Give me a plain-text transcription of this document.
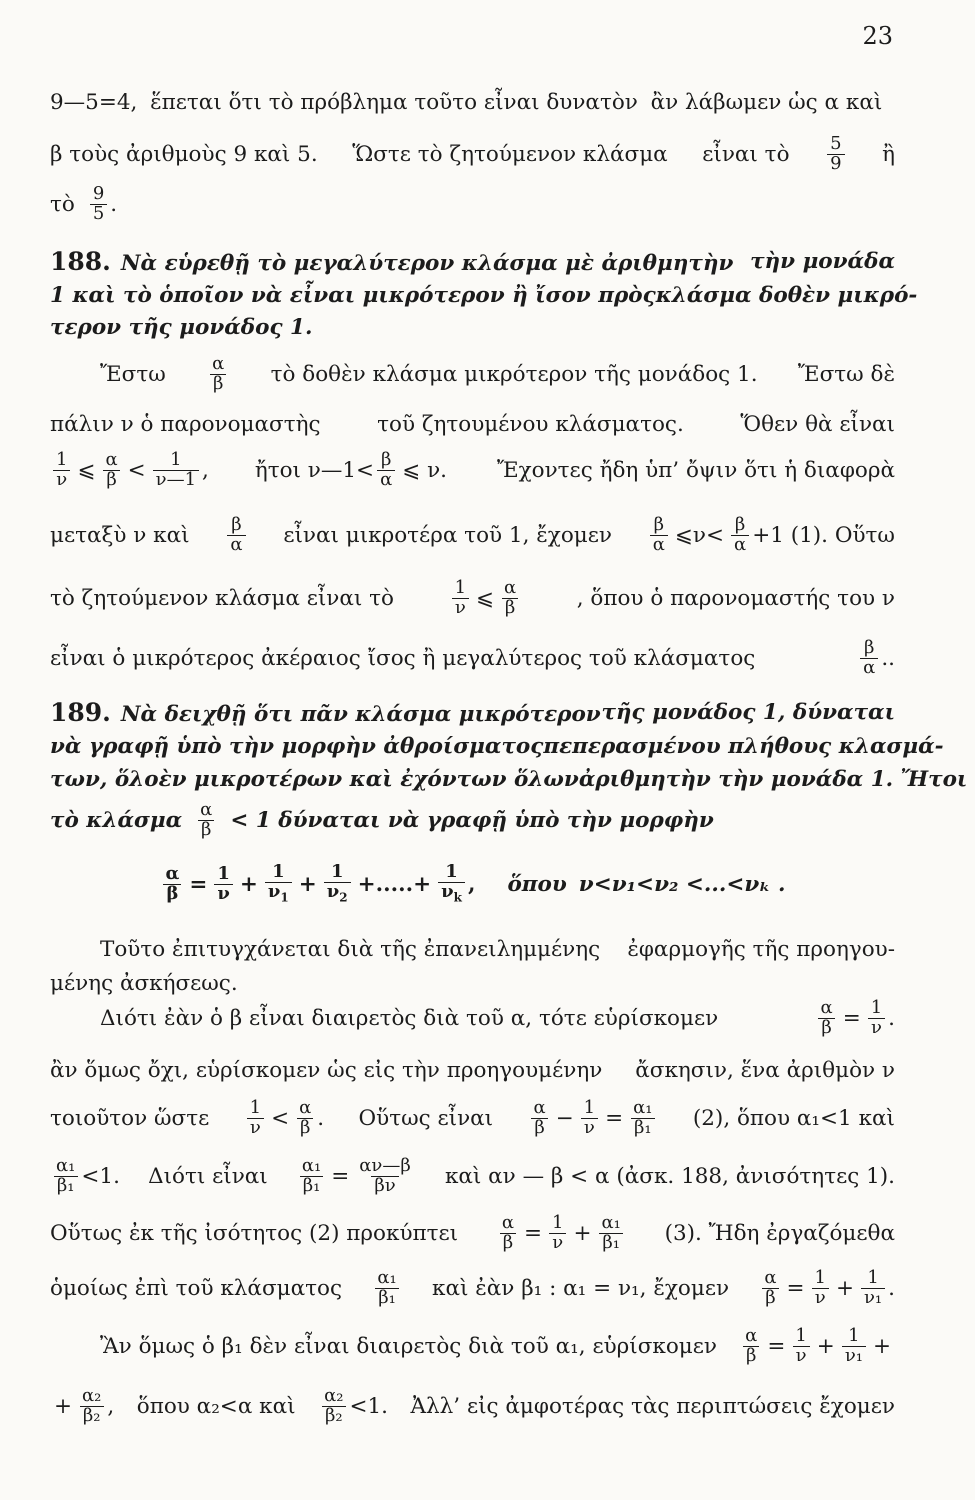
23
9—5=4, ἕπεται ὅτι τὸ πρόβλημα τοῦτο εἶναι δυνατὸν ἂν λάβωμεν ὡς α καὶ
β τοὺς ἀριθμοὺς 9 καὶ 5. Ὥστε τὸ ζητούμενον κλάσμα εἶναι τὸ $\frac{5}{9}$ ἢ
τὸ $\frac{9}{5}$ .
188. Νὰ εὑρεθῇ τὸ μεγαλύτερον κλάσμα μὲ ἀριθμητὴν τὴν μονάδα
1 καὶ τὸ ὁποῖον νὰ εἶναι μικρότερον ἢ ἴσον πρὸς κλάσμα δοθὲν μικρό-
τερον τῆς μονάδος 1.
Ἔστω $\frac{\alpha}{\beta}$ τὸ δοθὲν κλάσμα μικρότερον τῆς μονάδος 1. Ἔστω δὲ
πάλιν ν ὁ παρονομαστὴς	τοῦ ζητουμένου κλάσματος.	Ὅθεν θὰ εἶναι
$\frac{1}{\nu}$ ⩽ $\frac{\alpha}{\beta} < \frac{1}{\nu—1}$ , ἤτοι ν—1< $\frac{\beta}{\alpha}$ ⩽ ν. Ἔχοντες ἤδη ὑπ’ ὄψιν ὅτι ἡ διαφορὰ
μεταξὺ ν καὶ $\frac{\beta}{\alpha}$ εἶναι μικροτέρα τοῦ 1, ἔχομεν $\frac{\beta}{\alpha}$ ⩽ν< $\frac{\beta}{\alpha} +1$ (1). Οὕτω
τὸ ζητούμενον κλάσμα εἶναι τὸ	$\frac{1}{\nu}$ ⩽ $\frac{\alpha}{\beta}$	, ὅπου ὁ παρονομαστής του ν
εἶναι ὁ μικρότερος ἀκέραιος ἴσος ἢ μεγαλύτερος τοῦ κλάσματος	$\frac{\beta}{\alpha}$ ..
189. Νὰ δειχθῇ ὅτι πᾶν κλάσμα μικρότερον τῆς μονάδος 1, δύναται
νὰ γραφῇ ὑπὸ τὴν μορφὴν ἀθροίσματος πεπερασμένου πλήθους κλασμά-
των, ὅλοὲν μικροτέρων καὶ ἐχόντων ὅλων ἀριθμητὴν τὴν μονάδα 1. Ἤτοι
τὸ κλάσμα $\frac{\alpha}{\beta} < 1$ δύναται νὰ γραφῇ ὑπὸ τὴν μορφὴν
$\frac{\alpha}{\beta} = \frac{1}{\nu} + \frac{1}{\nu_1} + \frac{1}{\nu_2}$ +.....+ $\frac{1}{\nu_k}$ , ὅπου ν<ν₁<ν₂ <...<νₖ .
Τοῦτο ἐπιτυγχάνεται διὰ τῆς ἐπανειλημμένης ἐφαρμογῆς τῆς προηγου-
μένης ἀσκήσεως.
Διότι ἐὰν ὁ β εἶναι διαιρετὸς διὰ τοῦ α, τότε εὑρίσκομεν	$\frac{\alpha}{\beta} = \frac{1}{\nu}$ .
ἂν ὅμως ὄχι, εὑρίσκομεν ὡς εἰς τὴν προηγουμένην ἄσκησιν, ἕνα ἀριθμὸν ν
τοιοῦτον ὥστε $\frac{1}{\nu} < \frac{\alpha}{\beta}$ . Οὕτως εἶναι $\frac{\alpha}{\beta} - \frac{1}{\nu} = \frac{\text{α₁}}{\text{β₁}} (2)$, ὅπου α₁<1 καὶ
$\frac{\text{α₁}}{\text{β₁}} <1$. Διότι εἶναι $\frac{\text{α₁}}{\text{β₁}} = \frac{\alpha\nu—\beta}{\beta\nu}$ καὶ αν — β < α (ἀσκ. 188, ἀνισότητες 1).
Οὕτως ἐκ τῆς ἰσότητος (2) προκύπτει $\frac{\alpha}{\beta} = \frac{1}{\nu} + \frac{\text{α₁}}{\text{β₁}} (3)$. Ἤδη ἐργαζόμεθα
ὁμοίως ἐπὶ τοῦ κλάσματος $\frac{\text{α₁}}{\text{β₁}}$ καὶ ἐὰν β₁ : α₁ = ν₁, ἔχομεν $\frac{\alpha}{\beta} = \frac{1}{\nu} + \frac{1}{\text{ν₁}}$ .
Ἂν ὅμως ὁ β₁ δὲν εἶναι διαιρετὸς διὰ τοῦ α₁, εὑρίσκομεν $\frac{\alpha}{\beta} = \frac{1}{\nu} + \frac{1}{\text{ν₁}}$ +
+ $\frac{\text{α₂}}{\text{β₂}}$ , ὅπου α₂<α καὶ $\frac{\text{α₂}}{\text{β₂}} <1$. Ἀλλ’ εἰς ἀμφοτέρας τὰς περιπτώσεις ἔχομεν
